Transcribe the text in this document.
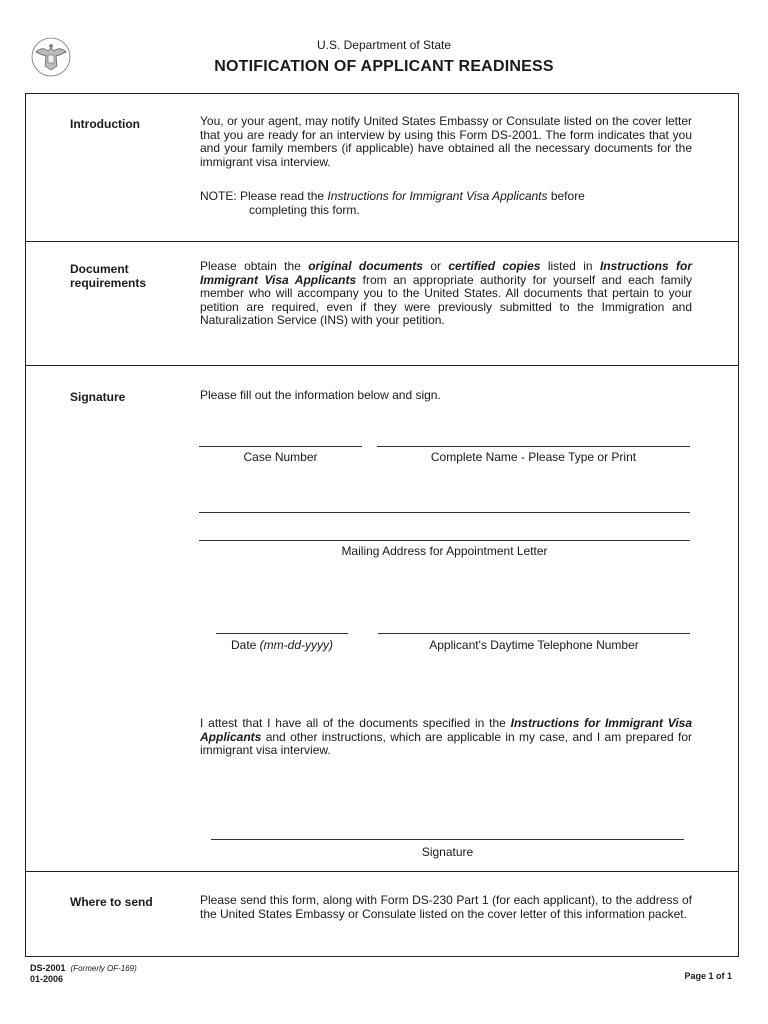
U.S. Department of State
NOTIFICATION OF APPLICANT READINESS
Introduction	You, or your agent, may notify United States Embassy or Consulate listed on the cover letter that you are ready for an interview by using this Form DS-2001. The form indicates that you and your family members (if applicable) have obtained all the necessary documents for the immigrant visa interview.
NOTE: Please read the Instructions for Immigrant Visa Applicants before
completing this form.
Document
requirements
Please obtain the original documents or certified copies listed in Instructions for Immigrant Visa Applicants from an appropriate authority for yourself and each family member who will accompany you to the United States. All documents that pertain to your petition are required, even if they were previously submitted to the Immigration and Naturalization Service (INS) with your petition.
Signature	Please fill out the information below and sign.
Case Number	Complete Name - Please Type or Print
Mailing Address for Appointment Letter
Date (mm-dd-yyyy)	Applicant's Daytime Telephone Number
I attest that I have all of the documents specified in the Instructions for Immigrant Visa Applicants and other instructions, which are applicable in my case, and I am prepared for immigrant visa interview.
Signature
Where to send	Please send this form, along with Form DS-230 Part 1 (for each applicant), to the address of the United States Embassy or Consulate listed on the cover letter of this information packet.
DS-2001 (Formerly OF-169)
01-2006	Page 1 of 1
